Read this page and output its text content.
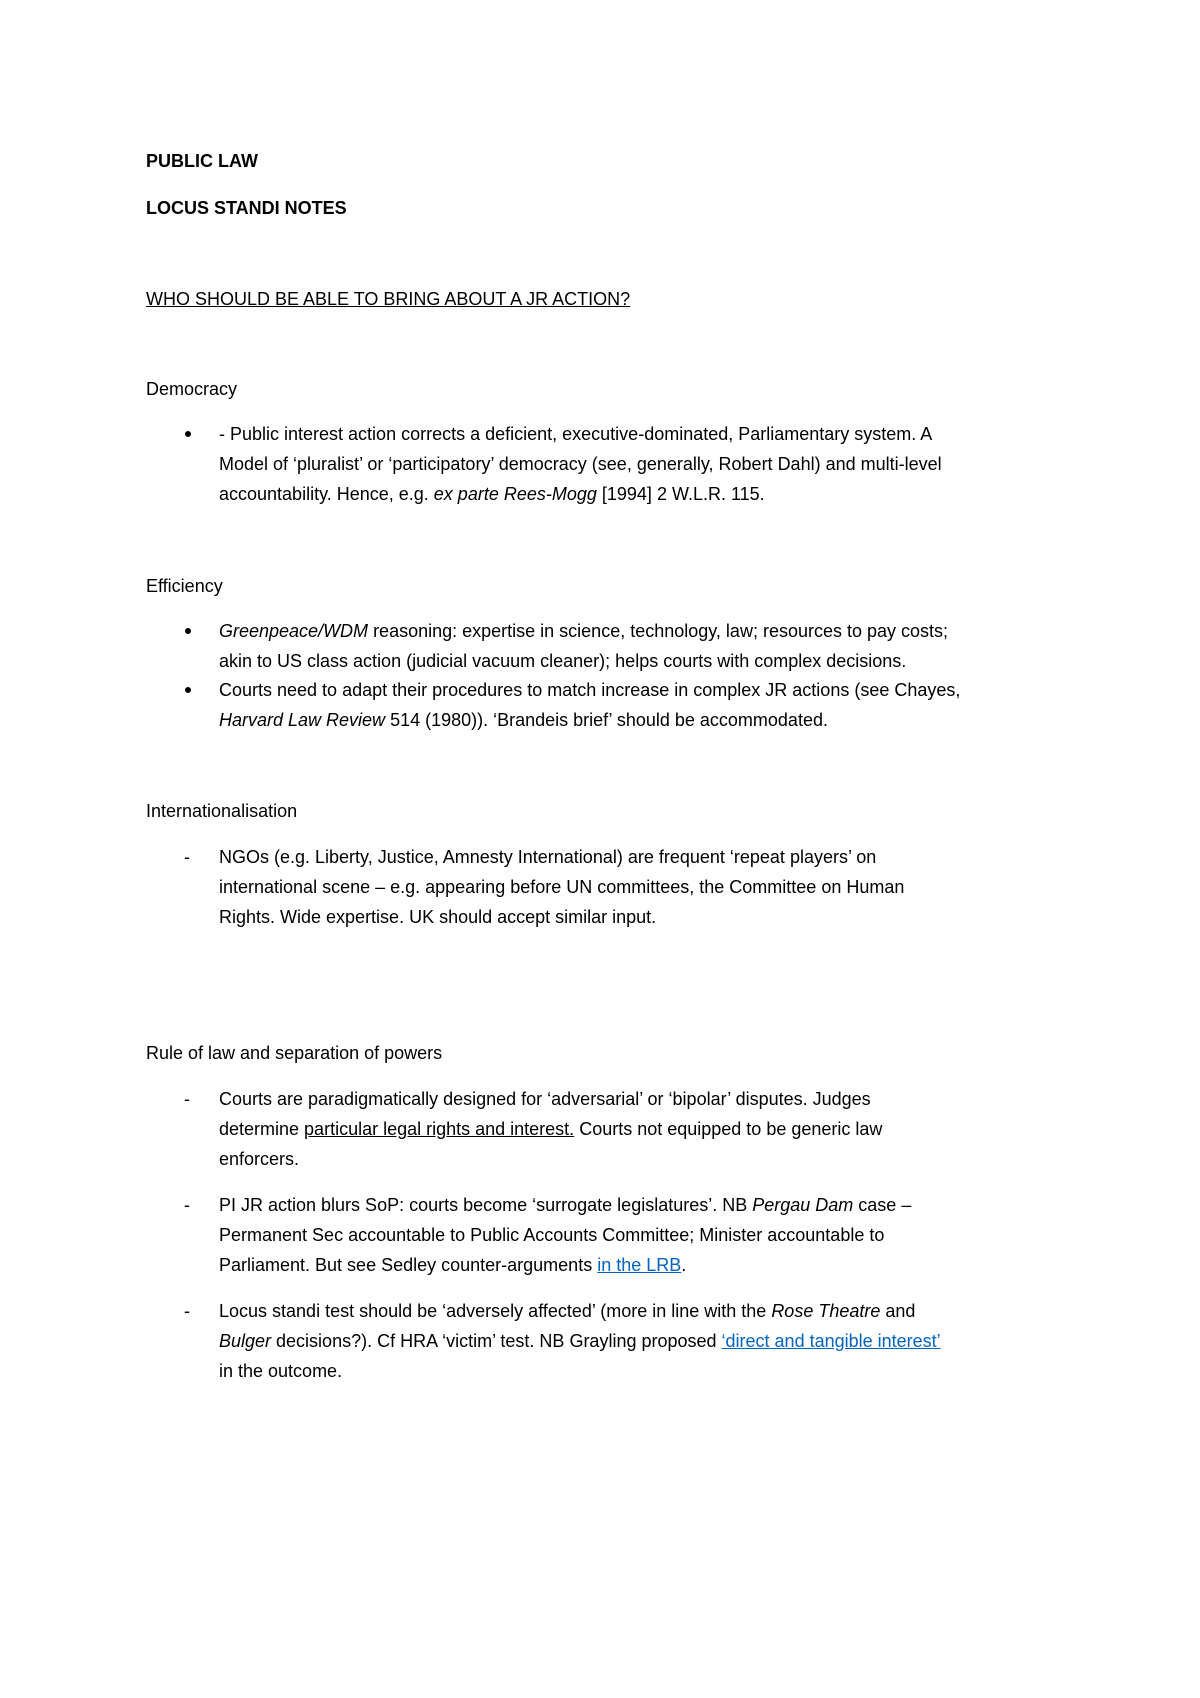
PUBLIC LAW
LOCUS STANDI NOTES
WHO SHOULD BE ABLE TO BRING ABOUT A JR ACTION?
Democracy
- Public interest action corrects a deficient, executive-dominated, Parliamentary system. A
Model of ‘pluralist’ or ‘participatory’ democracy (see, generally, Robert Dahl) and multi-level
accountability. Hence, e.g. ex parte Rees-Mogg [1994] 2 W.L.R. 115.
Efficiency
Greenpeace/WDM reasoning: expertise in science, technology, law; resources to pay costs;
akin to US class action (judicial vacuum cleaner); helps courts with complex decisions.
Courts need to adapt their procedures to match increase in complex JR actions (see Chayes,
Harvard Law Review 514 (1980)). ‘Brandeis brief’ should be accommodated.
Internationalisation
- NGOs (e.g. Liberty, Justice, Amnesty International) are frequent ‘repeat players’ on
international scene – e.g. appearing before UN committees, the Committee on Human
Rights. Wide expertise. UK should accept similar input.
Rule of law and separation of powers
- Courts are paradigmatically designed for ‘adversarial’ or ‘bipolar’ disputes. Judges
determine particular legal rights and interest. Courts not equipped to be generic law
enforcers.
- PI JR action blurs SoP: courts become ‘surrogate legislatures’. NB Pergau Dam case –
Permanent Sec accountable to Public Accounts Committee; Minister accountable to
Parliament. But see Sedley counter-arguments in the LRB.
- Locus standi test should be ‘adversely affected’ (more in line with the Rose Theatre and
Bulger decisions?). Cf HRA ‘victim’ test. NB Grayling proposed ‘direct and tangible interest’
in the outcome.
